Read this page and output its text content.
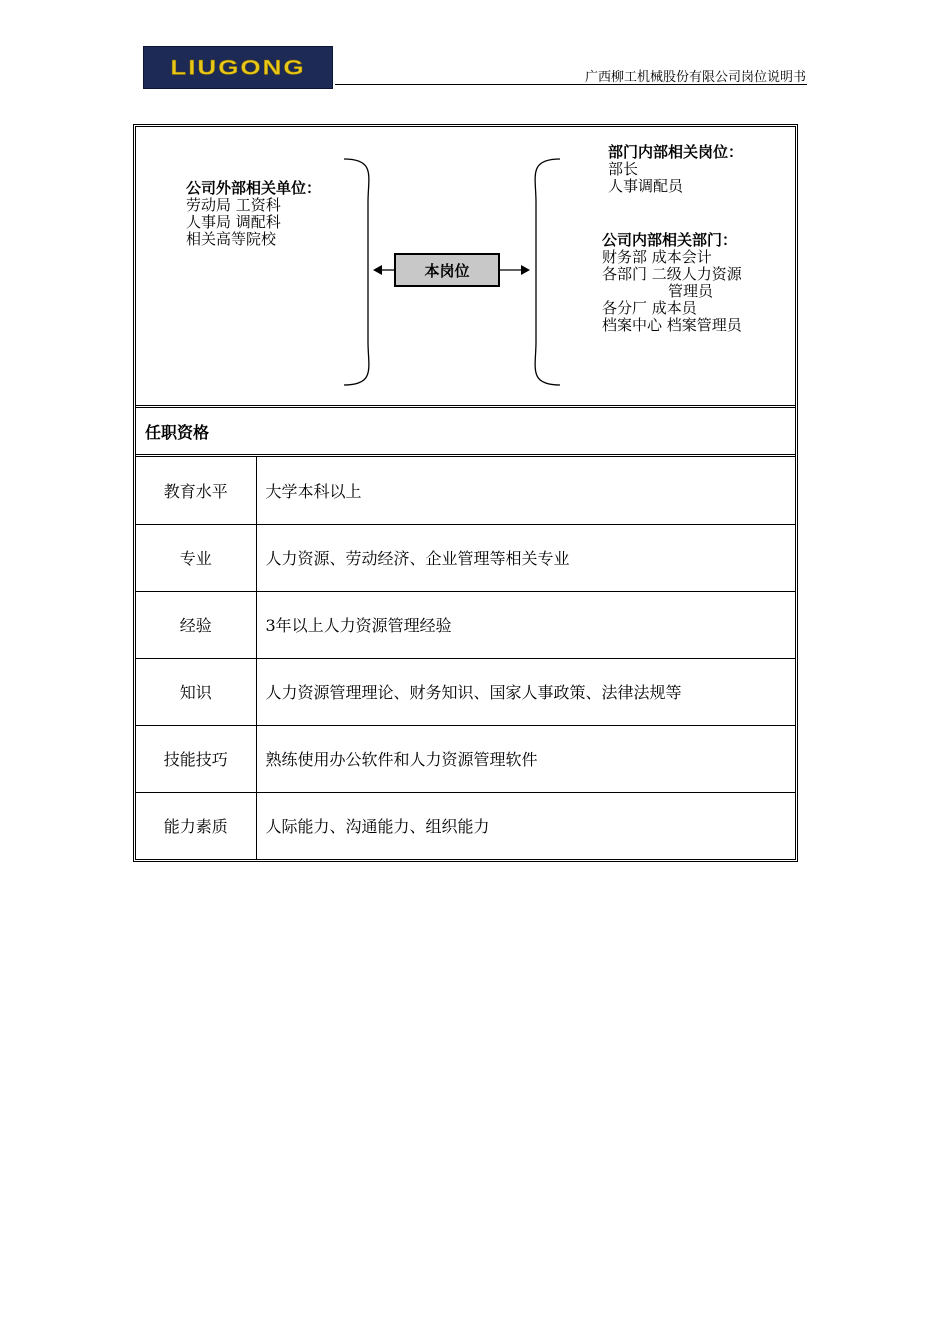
LIUGONG	广西柳工机械股份有限公司岗位说明书
公司外部相关单位：
劳动局 工资科
人事局 调配科
相关高等院校
本岗位
部门内部相关岗位：
部长
人事调配员
公司内部相关部门：
财务部 成本会计
各部门 二级人力资源
管理员
各分厂 成本员
档案中心 档案管理员
任职资格
教育水平	大学本科以上
专业	人力资源、劳动经济、企业管理等相关专业
经验	3年以上人力资源管理经验
知识	人力资源管理理论、财务知识、国家人事政策、法律法规等
技能技巧	熟练使用办公软件和人力资源管理软件
能力素质	人际能力、沟通能力、组织能力
